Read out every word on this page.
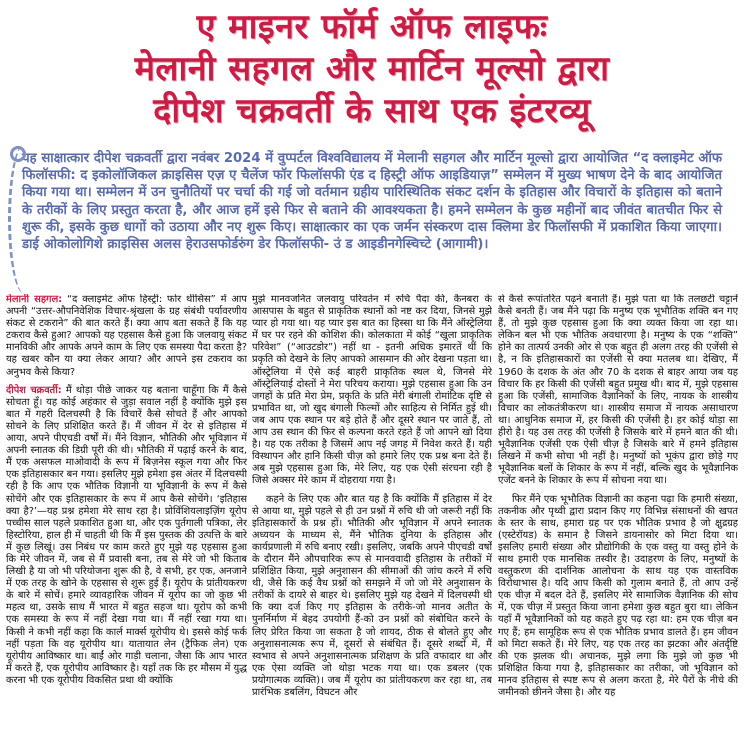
ए माइनर फॉर्म ऑफ लाइफः
मेलानी सहगल और मार्टिन मूल्सो द्वारा
दीपेश चक्रवर्ती के साथ एक इंटरव्यू
यह साक्षात्कार दीपेश चक्रवर्ती द्वारा नवंबर 2024 में वुप्पर्टल विश्वविद्यालय में मेलानी सहगल और मार्टिन मूल्सो द्वारा आयोजित “द क्लाइमेट ऑफ फिलॉसफी: द इकोलॉजिकल क्राइसिस एज़ ए चैलेंज फॉर फिलॉसफी एंड द हिस्ट्री ऑफ आइडियाज़” सम्मेलन में मुख्य भाषण देने के बाद आयोजित किया गया था। सम्मेलन में उन चुनौतियों पर चर्चा की गई जो वर्तमान ग्रहीय पारिस्थितिक संकट दर्शन के इतिहास और विचारों के इतिहास को बताने के तरीकों के लिए प्रस्तुत करता है, और आज हमें इसे फिर से बताने की आवश्यकता है। हमने सम्मेलन के कुछ महीनों बाद जीवंत बातचीत फिर से शुरू की, इसके कुछ धागों को उठाया और नए शुरू किए। साक्षात्कार का एक जर्मन संस्करण दास क्लिमा डेर फिलॉसफी में प्रकाशित किया जाएगा। डाई ओकोलोगिशे क्राइसिस अलस हेराउसफोर्डरुंग डेर फिलॉसफी- उं ड आइडीनगेस्चिच्टे (आगामी)।

मेलानी सहगल: “द क्लाइमेट ऑफ हिस्ट्री: फोर थीसिस” में आप अपनी “उत्तर-औपनिवेशिक विचार-श्रृंखला के ग्रह संबंधी पर्यावरणीय संकट से टकराने” की बात करते हैं। क्या आप बता सकते हैं कि यह टकराव कैसे हुआ? आपको यह एहसास कैसे हुआ कि जलवायु संकट मानविकी और आपके अपने काम के लिए एक समस्या पैदा करता है? यह खबर कौन या क्या लेकर आया? और आपने इस टकराव का अनुभव कैसे किया?

दीपेश चक्रवर्ती: मैं थोड़ा पीछे जाकर यह बताना चाहूँगा कि मैं कैसे सोचता हूँ। यह कोई अहंकार से जुड़ा सवाल नहीं है क्योंकि मुझे इस बात में गहरी दिलचस्पी है कि विचारें कैसे सोचते हैं और आपको सोचने के लिए प्रशिक्षित करते हैं। मैं जीवन में देर से इतिहास में आया, अपने पीएचडी वर्षों में। मैंने विज्ञान, भौतिकी और भूविज्ञान में अपनी स्नातक की डिग्री पूरी की थी। भौतिकी में पढ़ाई करने के बाद, मैं एक असफल माओवादी के रूप में बिज़नेस स्कूल गया और फिर एक इतिहासकार बन गया। इसलिए मुझे हमेशा इस अंतर में दिलचस्पी रही है कि आप एक भौतिक विज्ञानी या भूविज्ञानी के रूप में कैसे सोचेंगे और एक इतिहासकार के रूप में आप कैसे सोचेंगे। ‘इतिहास क्या है?’—यह प्रश्न हमेशा मेरे साथ रहा है। प्रोविंशियलाइज़िंग यूरोप पच्चीस साल पहले प्रकाशित हुआ था, और एक पुर्तगाली पत्रिका, लेर हिस्टोरिया, हाल ही में चाहती थी कि मैं इस पुस्तक की उत्पत्ति के बारे में कुछ लिखूं। उस निबंध पर काम करते हुए मुझे यह एहसास हुआ कि मेरे जीवन में, जब से मैं प्रवासी बना, तब से मेरे जो भी किताब लिखी है या जो भी परियोजना शुरू की है, वे सभी, हर एक, अनजाने में एक तरह के खोने के एहसास से शुरू हुई हैं। यूरोप के प्रांतीयकरण के बारे में सोचें। हमारे व्यावहारिक जीवन में यूरोप का जो कुछ भी महत्व था, उसके साथ मैं भारत में बहुत सहज था। यूरोप को कभी एक समस्या के रूप में नहीं देखा गया था। मैं नहीं रखा गया था। किसी ने कभी नहीं कहा कि कार्ल मार्क्स यूरोपीय थे। इससे कोई फर्क नहीं पड़ता कि वह यूरोपीय था। यातायात लेन (ट्रैफिक लेन) एक यूरोपीय आविष्कार था। बाईं ओर गाड़ी चलाना, जैसा कि आप भारत में करते हैं, एक यूरोपीय आविष्कार है। यहाँ तक कि हर मौसम में युद्ध करना भी एक यूरोपीय विकसित प्रथा थी क्योंकि

मुझे मानवजनित जलवायु परिवर्तन में रुचि पैदा की, कैनबरा के आसपास के बहुत से प्राकृतिक स्थानों को नष्ट कर दिया, जिनसे मुझे प्यार हो गया था। यह प्यार इस बात का हिस्सा था कि मैंने ऑस्ट्रेलिया में घर पर रहने की कोशिश की। कोलकाता में कोई “खुला प्राकृतिक परिवेश” (“आउटडोर”) नहीं था - इतनी अधिक इमारतें थीं कि प्रकृति को देखने के लिए आपको आसमान की ओर देखना पड़ता था। ऑस्ट्रेलिया में ऐसे कई बाहरी प्राकृतिक स्थल थे, जिनसे मेरे ऑस्ट्रेलियाई दोस्तों ने मेरा परिचय कराया। मुझे एहसास हुआ कि उन जगहों के प्रति मेरा प्रेम, प्रकृति के प्रति मेरी बंगाली रोमांटिक दृष्टि से प्रभावित था, जो खुद बंगाली फिल्मों और साहित्य से निर्मित हुई थी। जब आप एक स्थान पर बड़े होते हैं और दूसरे स्थान पर जाते हैं, तो आप उस स्थान की फिर से कल्पना करते रहते हैं जो आपने खो दिया है। यह एक तरीका है जिसमें आप नई जगह में निवेश करते हैं। यही विस्थापन और हानि किसी चीज़ को हमारे लिए एक प्रश्न बना देते हैं। अब मुझे एहसास हुआ कि, मेरे लिए, यह एक ऐसी संरचना रही है जिसे अक्सर मेरे काम में दोहराया गया है।

कहने के लिए एक और बात यह है कि क्योंकि मैं इतिहास में देर से आया था, मुझे पहले से ही उन प्रश्नों में रुचि थी जो जरूरी नहीं कि इतिहासकारों के प्रश्न हों। भौतिकी और भूविज्ञान में अपने स्नातक अध्ययन के माध्यम से, मैंने भौतिक दुनिया के इतिहास और कार्यप्रणाली में रुचि बनाए रखी। इसलिए, जबकि अपने पीएचडी वर्षों के दौरान मैंने औपचारिक रूप से मानववादी इतिहास के तरीकों में प्रशिक्षित किया, मुझे अनुशासन की सीमाओं की जांच करने में रुचि थी, जैसे कि कई वैध प्रश्नों को समझने में जो जो मेरे अनुशासन के तरीकों के दायरे से बाहर थे। इसलिए मुझे यह देखने में दिलचस्पी थी कि क्या दर्ज किए गए इतिहास के तरीके-जो मानव अतीत के पुनर्निर्माण में बेहद उपयोगी हैं-को उन प्रश्नों को संबोधित करने के लिए प्रेरित किया जा सकता है जो शायद, ठीक से बोलते हुए और अनुशासनात्मक रूप में, दूसरों से संबंधित हैं। दूसरे शब्दों में, मैं स्वभाव से अपने अनुशासनात्मक प्रशिक्षण के प्रति वफादार था और एक ऐसा व्यक्ति जो थोड़ा भटक गया था। एक डबलर (एक प्रयोगात्मक व्यक्ति)। जब मैं यूरोप का प्रांतीयकरण कर रहा था, तब प्रारंभिक डबलिंग, विघटन और

से कैसे रूपांतरित पढ़ने बनाती हैं। मुझे पता था कि तलछटी चट्टानें कैसे बनती हैं। जब मैंने पढ़ा कि मनुष्य एक भूभौतिक शक्ति बन गए हैं, तो मुझे कुछ एहसास हुआ कि क्या व्यक्त किया जा रहा था। लेकिन बल भी एक भौतिक अवधारणा है। मनुष्य के एक “शक्ति” होने का तात्पर्य उनकी ओर से एक बहुत ही अलग तरह की एजेंसी से है, न कि इतिहासकारों का एजेंसी से क्या मतलब था। देखिए, मैं 1960 के दशक के अंत और 70 के दशक से बाहर आया जब यह विचार कि हर किसी की एजेंसी बहुत प्रमुख थी। बाद में, मुझे एहसास हुआ कि एजेंसी, सामाजिक वैज्ञानिकों के लिए, नायक के शास्त्रीय विचार का लोकतंत्रीकरण था। शास्त्रीय समाज में नायक असाधारण था। आधुनिक समाज में, हर किसी की एजेंसी है। हर कोई थोड़ा सा हीरो है। यह उस तरह की एजेंसी है जिसके बारे में हमने बात की थी। भूवैज्ञानिक एजेंसी एक ऐसी चीज़ है जिसके बारे में हमने इतिहास लिखने में कभी सोचा भी नहीं है। मनुष्यों को भूकंप द्वारा छोड़े गए भूवैज्ञानिक बलों के शिकार के रूप में नहीं, बल्कि खुद के भूवैज्ञानिक एजेंट बनने के शिकार के रूप में सोचना नया था।

फिर मैंने एक भूभौतिक विज्ञानी का कहना पढ़ा कि हमारी संख्या, तकनीक और पृथ्वी द्वारा प्रदान किए गए विभिन्न संसाधनों की खपत के स्तर के साथ, हमारा ग्रह पर एक भौतिक प्रभाव है जो क्षुद्रग्रह (एस्टेरॉयड) के समान है जिसने डायनासोर को मिटा दिया था। इसलिए हमारी संख्या और प्रौद्योगिकी के एक वस्तु या वस्तु होने के साथ हमारी एक मानसिक तस्वीर है। उदाहरण के लिए, मनुष्यों के वस्तुकरण की दार्शनिक आलोचना के साथ यह एक वास्तविक विरोधाभास है। यदि आप किसी को गुलाम बनाते हैं, तो आप उन्हें एक चीज़ में बदल देते हैं, इसलिए मेरे सामाजिक वैज्ञानिक की सोच में, एक चीज़ में प्रस्तुत किया जाना हमेशा कुछ बहुत बुरा था। लेकिन यहाँ मैं भूवैज्ञानिकों को यह कहते हुए पढ़ रहा था: हम एक चीज़ बन गए हैं; हम सामूहिक रूप से एक भौतिक प्रभाव डालते हैं। हम जीवन को मिटा सकते हैं। मेरे लिए, यह एक तरह का झटका और अंतर्दृष्टि की एक झलक थी। अचानक, मुझे लगा कि मुझे जो कुछ भी प्रशिक्षित किया गया है, इतिहासकार का तरीका, जो भूविज्ञान को मानव इतिहास से स्पष्ट रूप से अलग करता है, मेरे पैरों के नीचे की जमीनको छीनने जैसा है। और यह
